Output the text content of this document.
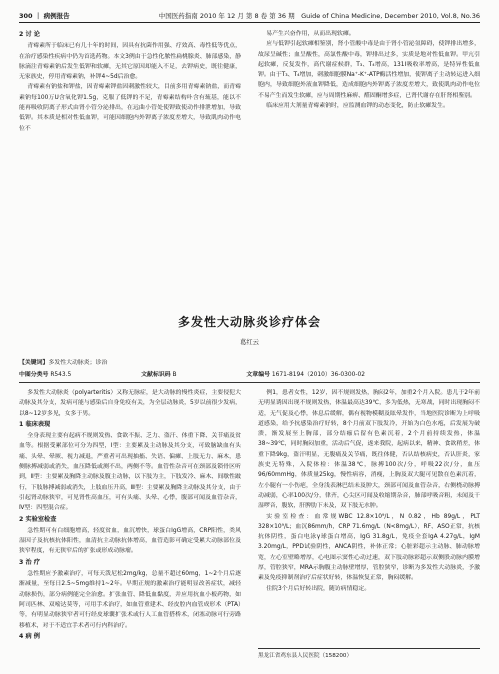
300 ｜ 病例报告	中国医药指南 2010 年 12 月 第 8 卷 第 36 期　Guide of China Medicine, December 2010, Vol.8, No.36
2 讨 论

青霉素所于临床已有几十年的时间，因具有抗菌作用强、疗效高、毒性低等优点，在治疗感染性疾病中仍为首选药物。本文3例由于急性化脓性扁桃腺炎、肺部感染，静脉滴注青霉素钠后发生低钾和软瘫，无其它原因却能入不足，去钾病史，既往健康，无家族史，停用青霉素钠，补钾4~5d后治愈。

青霉素有钠盐和钾盐，因青霉素钾盐因刺激性较大，目前多用青霉素钠盐，而青霉素钠每100万U含氧化钾1.5g，克服了低钾的不足，青霉素结构卟含有巯基，能以不能再吸收阴离子形式由肾小管分泌排出，在远曲小管处使钾致使动作排泄增加，导致低钾。其本质是相对性低血钾，可能因细胞内外钾离子浓度差增大，导致肌肉动作电位不

易产生兴奋作用，从而出现软瘫。

应与低钾引起软瘫相鉴别，肾小管酸中毒是由于肾小管泌氢障碍，使钾排出增多，故尿呈碱性；血呈酸性，高氯性酸中毒，钾排出过多，实质是地对性低血钾。甲亢引起软瘫，反复发作，高代谢症候群，T₃、T₄增高，131I吸收率增高，是特异性低血钾。由于T₃、T₄增加，刺激细胞膜Na⁺-K⁺-ATP酶活性增加，使钾离子主动转运进入细胞内，导致细胞外液血钾降低，造成细胞内外钾离子浓度差增大，致使肌肉动作电位不易产生而发生软瘫，应与周期性麻痹、醛固酮增多症，已肾代谢存在肝肾相鉴别。

临床应用大剂量青霉素钠时，应监测血钾的动态变化，防止软瘫发生。

多发性大动脉炎诊疗体会
葛红云
【关键词】多发性大动脉炎；诊治
中图分类号 R543.5	文献标识码 B	文章编号 1671-8194（2010）36-0300-02

多发性大动脉炎（polyarteritis）又称无脉症，是大动脉的慢性炎症，主要侵犯大动脉及其分支，发病可能与感染后自身免疫有关，为全层动脉炎，5岁以前很少发病，以8~12岁多见，女多于男。

1 临床表现

全身表现主要有起病不规则发热、食欲不振、乏力、盗汗、体重下降、关节痛及贫血等。根据受累部位可分为四型，Ⅰ型：主要累及主动脉及其分支，可致脑缺血有头痛、头晕、晕厥、视力减退，严重者可出现抽搐、失语、偏瘫、上肢无力、麻木，患侧脉搏减弱或消失，血压降低或测不出，两侧不等。血管性杂音可在颈部及锁骨区听到，Ⅱ型：主要累及胸降主动脉及腹主动脉，以下肢为主，下肢发冷、麻木、间歇性跛行，下肢脉搏减弱或消失，上肢血压升高，Ⅲ型：主要累及胸降主动脉及其分支，由于引起肾动脉狭窄，可见肾性高血压，可有头痛、头晕、心悸，腹部可闻及血管杂音，Ⅳ型：四型混合症。

2 实验室检查

急性期可有白细胞增高，轻度贫血，血沉增快，球蛋白IgG增高，CRP阳性，类风湿因子及抗核抗体阳性，血清抗主动脉抗体增高，血管造影可确定受累大动脉部位及狭窄程度，有无狭窄后的扩张或形成动脉瘤。

3 治 疗

急性期应予激素治疗，可每天泼尼松2mg/kg，总量不超过60mg，1~2个月后逐渐减量，至每日2.5~5mg维持1~2年。早期正规的激素治疗能明显改善症状，减轻动脉损伤，部分病例能完全治愈。扩张血管、降低血黏度，并应用抗血小板药物，如阿司匹林、双嘧达莫等，可用手术治疗，如血管重建术、经皮腔内血管成形术（PTA）等，有明显动脉狭窄者可行经皮球囊扩张术或行人工血管搭桥术，闭塞动脉可行旁路移植术，对于不适宜手术者可行内科治疗。

4 病 例

例1，患者女性，12岁，因不规则发热，胸闷2年，加重2个月入院。患儿于2年前无明显诱因出现不规则发热，体温最高达39℃，多为低热，无寒战，同时出现胸闷不适，无气促及心悸，体息后缓解，偶有视物模糊及眩晕发作，当地医院诊断为上呼吸道感染，给予抗感染治疗好转，8个月前双下肢发冷，开始为白色水疱，后发展为破溃，渐发展至上胸部，部分结痂后留有色素沉着，2个月前持续发热，体温38~39℃，同时胸闷加重，活动后气促，遂来我院，起病以来，精神、食欲稍差，体重下降9kg，盗汗明显，无腹痛及关节痛，既往体健，否认结核病史，否认肝炎，家族史无特殊，入院体检：体温38℃，脉搏100次/分，呼吸22次/分，血压96/60mmHg，体质量25kg，慢性病容，消瘦，上胸及双大腿可见散在色素沉着，左小腿有一小伤疤，全身浅表淋巴结未及肿大，颈部可闻及血管杂音，右侧桡动脉搏动减弱，心率100次/分，律齐，心尖区可闻及收缩期杂音，肺部呼吸音粗，未闻及干湿啰音，腹软，肝脾肋下未及，双下肢无水肿。

实验室检查：血常规WBC 12.8×10⁹/L，N 0.82，Hb 89g/L，PLT 328×10⁹/L；血沉86mm/h，CRP 71.6mg/L（N<8mg/L），RF、ASO正常，抗核抗体阴性，蛋白电泳γ球蛋白增高，IgG 31.8g/L，免疫全套IgA 4.27g/L，IgM 3.20mg/L，PPD试验阴性，ANCA阴性，补体正常；心脏彩超示主动脉、肺动脉增宽，左心室壁略增厚，心电图示窦性心动过速，双下肢动脉彩超示双侧股动脉内膜增厚，管腔狭窄，MRA示胸腹主动脉壁增厚，管腔狭窄，诊断为多发性大动脉炎，予激素及免疫抑制剂治疗后症状好转，体温恢复正常，胸闷缓解。

住院3个月后好转出院，随访病情稳定。

黑龙江省鸡东县人民医院（158200）
